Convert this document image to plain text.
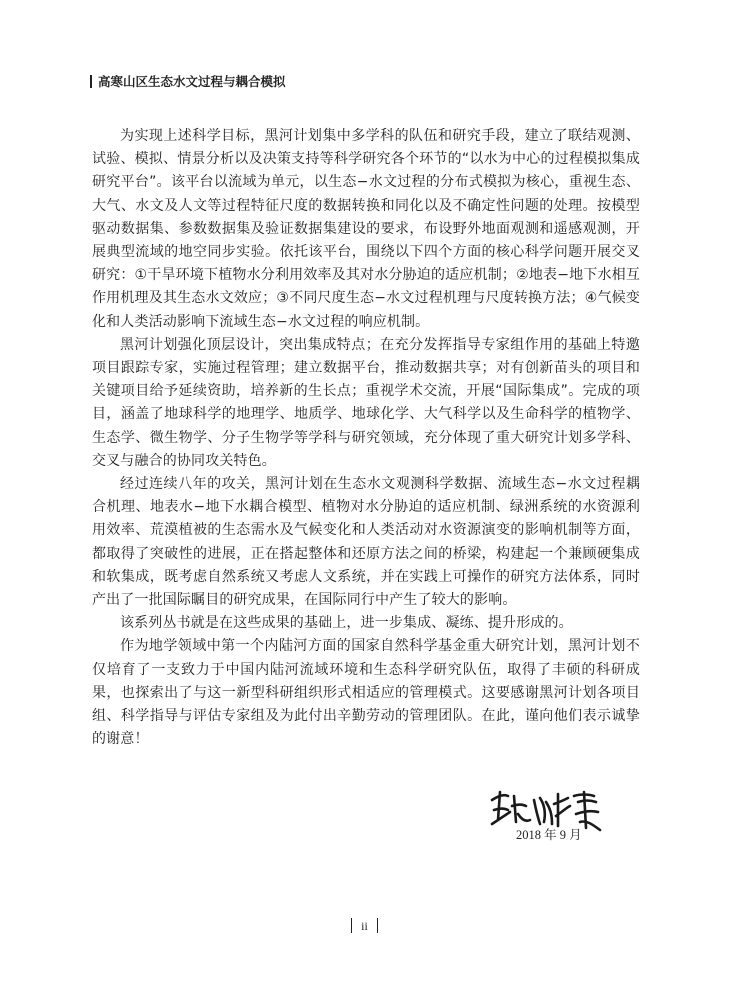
高寒山区生态水文过程与耦合模拟

为实现上述科学目标，黑河计划集中多学科的队伍和研究手段，建立了联结观测、试验、模拟、情景分析以及决策支持等科学研究各个环节的“以水为中心的过程模拟集成研究平台”。该平台以流域为单元，以生态−水文过程的分布式模拟为核心，重视生态、大气、水文及人文等过程特征尺度的数据转换和同化以及不确定性问题的处理。按模型驱动数据集、参数数据集及验证数据集建设的要求，布设野外地面观测和遥感观测，开展典型流域的地空同步实验。依托该平台，围绕以下四个方面的核心科学问题开展交叉研究：①干旱环境下植物水分利用效率及其对水分胁迫的适应机制；②地表−地下水相互作用机理及其生态水文效应；③不同尺度生态−水文过程机理与尺度转换方法；④气候变化和人类活动影响下流域生态−水文过程的响应机制。

黑河计划强化顶层设计，突出集成特点；在充分发挥指导专家组作用的基础上特邀项目跟踪专家，实施过程管理；建立数据平台，推动数据共享；对有创新苗头的项目和关键项目给予延续资助，培养新的生长点；重视学术交流，开展“国际集成”。完成的项目，涵盖了地球科学的地理学、地质学、地球化学、大气科学以及生命科学的植物学、生态学、微生物学、分子生物学等学科与研究领域，充分体现了重大研究计划多学科、交叉与融合的协同攻关特色。

经过连续八年的攻关，黑河计划在生态水文观测科学数据、流域生态−水文过程耦合机理、地表水−地下水耦合模型、植物对水分胁迫的适应机制、绿洲系统的水资源利用效率、荒漠植被的生态需水及气候变化和人类活动对水资源演变的影响机制等方面，都取得了突破性的进展，正在搭起整体和还原方法之间的桥梁，构建起一个兼顾硬集成和软集成，既考虑自然系统又考虑人文系统，并在实践上可操作的研究方法体系，同时产出了一批国际瞩目的研究成果，在国际同行中产生了较大的影响。

该系列丛书就是在这些成果的基础上，进一步集成、凝练、提升形成的。

作为地学领域中第一个内陆河方面的国家自然科学基金重大研究计划，黑河计划不仅培育了一支致力于中国内陆河流域环境和生态科学研究队伍，取得了丰硕的科研成果，也探索出了与这一新型科研组织形式相适应的管理模式。这要感谢黑河计划各项目组、科学指导与评估专家组及为此付出辛勤劳动的管理团队。在此，谨向他们表示诚挚的谢意！

2018 年 9 月
ii
